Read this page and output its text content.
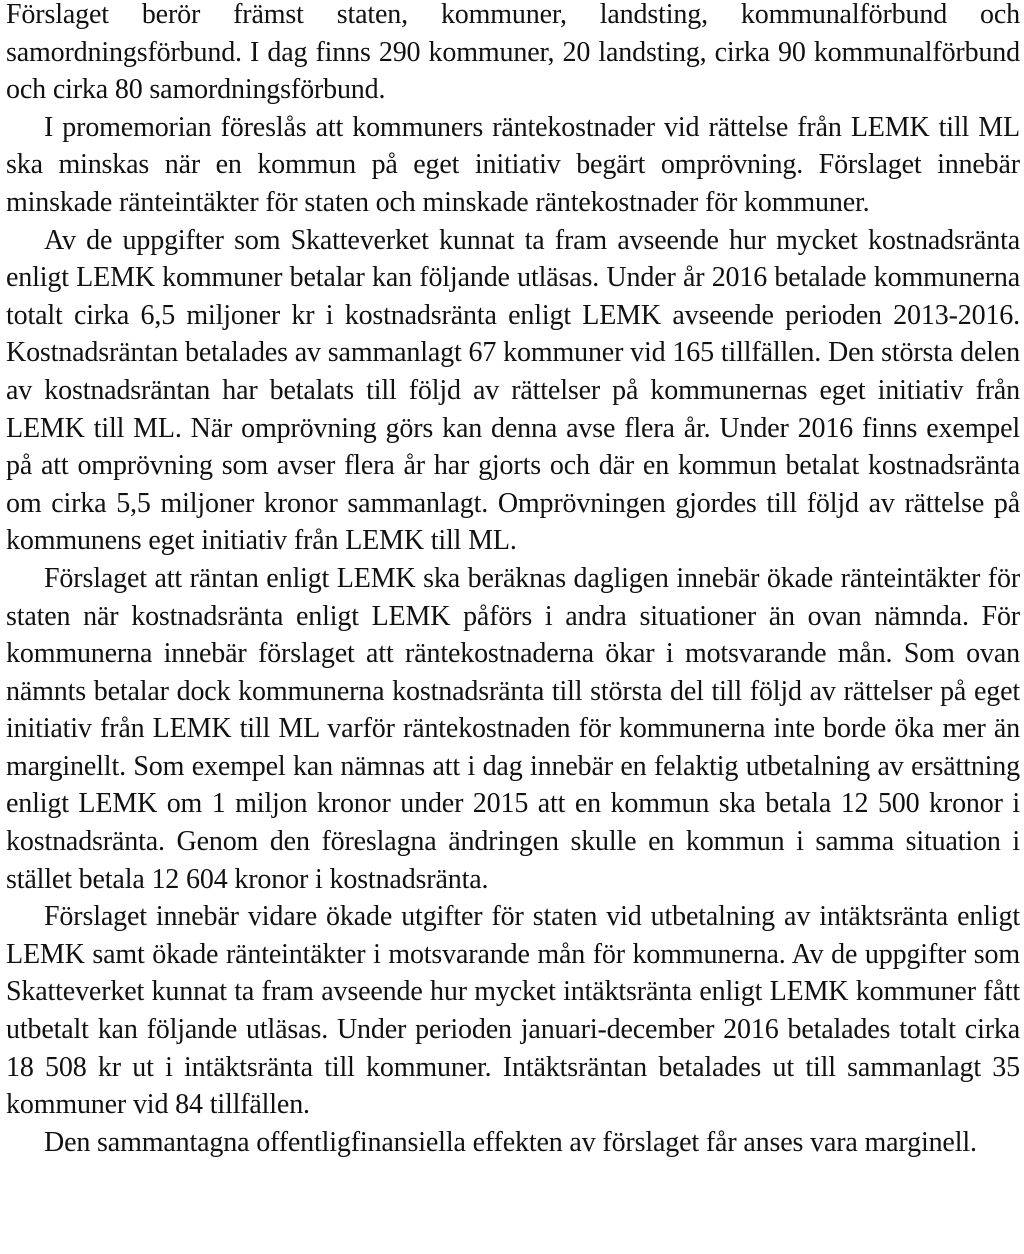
Förslaget berör främst staten, kommuner, landsting, kommunalförbund och samordningsförbund. I dag finns 290 kommuner, 20 landsting, cirka 90 kommunalförbund och cirka 80 samordningsförbund.

I promemorian föreslås att kommuners räntekostnader vid rättelse från LEMK till ML ska minskas när en kommun på eget initiativ begärt omprövning. Förslaget innebär minskade ränteintäkter för staten och minskade räntekostnader för kommuner.

Av de uppgifter som Skatteverket kunnat ta fram avseende hur mycket kostnadsränta enligt LEMK kommuner betalar kan följande utläsas. Under år 2016 betalade kommunerna totalt cirka 6,5 miljoner kr i kostnadsränta enligt LEMK avseende perioden 2013-2016. Kostnadsräntan betalades av sammanlagt 67 kommuner vid 165 tillfällen. Den största delen av kostnadsräntan har betalats till följd av rättelser på kommunernas eget initiativ från LEMK till ML. När omprövning görs kan denna avse flera år. Under 2016 finns exempel på att omprövning som avser flera år har gjorts och där en kommun betalat kostnadsränta om cirka 5,5 miljoner kronor sammanlagt. Omprövningen gjordes till följd av rättelse på kommunens eget initiativ från LEMK till ML.

Förslaget att räntan enligt LEMK ska beräknas dagligen innebär ökade ränteintäkter för staten när kostnadsränta enligt LEMK påförs i andra situationer än ovan nämnda. För kommunerna innebär förslaget att räntekostnaderna ökar i motsvarande mån. Som ovan nämnts betalar dock kommunerna kostnadsränta till största del till följd av rättelser på eget initiativ från LEMK till ML varför räntekostnaden för kommunerna inte borde öka mer än marginellt. Som exempel kan nämnas att i dag innebär en felaktig utbetalning av ersättning enligt LEMK om 1 miljon kronor under 2015 att en kommun ska betala 12 500 kronor i kostnadsränta. Genom den föreslagna ändringen skulle en kommun i samma situation i stället betala 12 604 kronor i kostnadsränta.

Förslaget innebär vidare ökade utgifter för staten vid utbetalning av intäktsränta enligt LEMK samt ökade ränteintäkter i motsvarande mån för kommunerna. Av de uppgifter som Skatteverket kunnat ta fram avseende hur mycket intäktsränta enligt LEMK kommuner fått utbetalt kan följande utläsas. Under perioden januari-december 2016 betalades totalt cirka 18 508 kr ut i intäktsränta till kommuner. Intäktsräntan betalades ut till sammanlagt 35 kommuner vid 84 tillfällen.

Den sammantagna offentligfinansiella effekten av förslaget får anses vara marginell.
